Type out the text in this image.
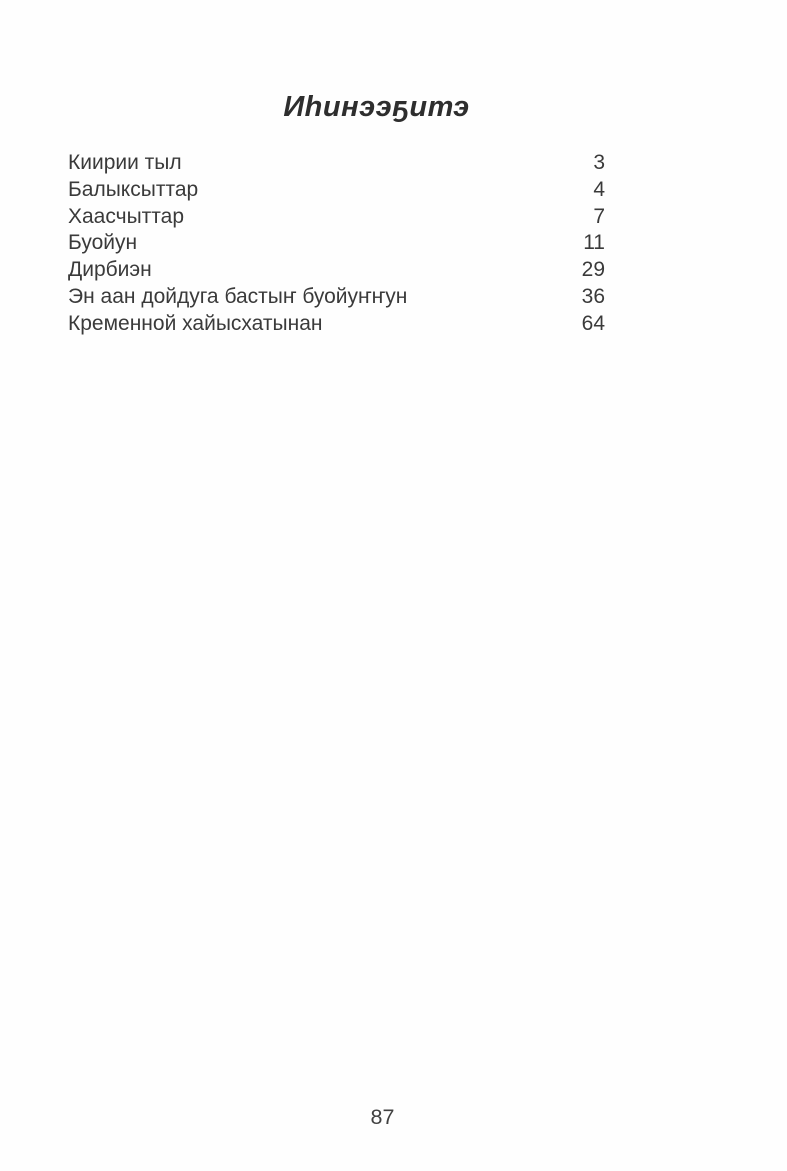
Иһинээҕитэ
Киирии тыл	3
Балыксыттар	4
Хаасчыттар	7
Буойун	11
Дирбиэн	29
Эн аан дойдуга бастыҥ буойуҥҥун	36
Кременной хайысхатынан	64
87
